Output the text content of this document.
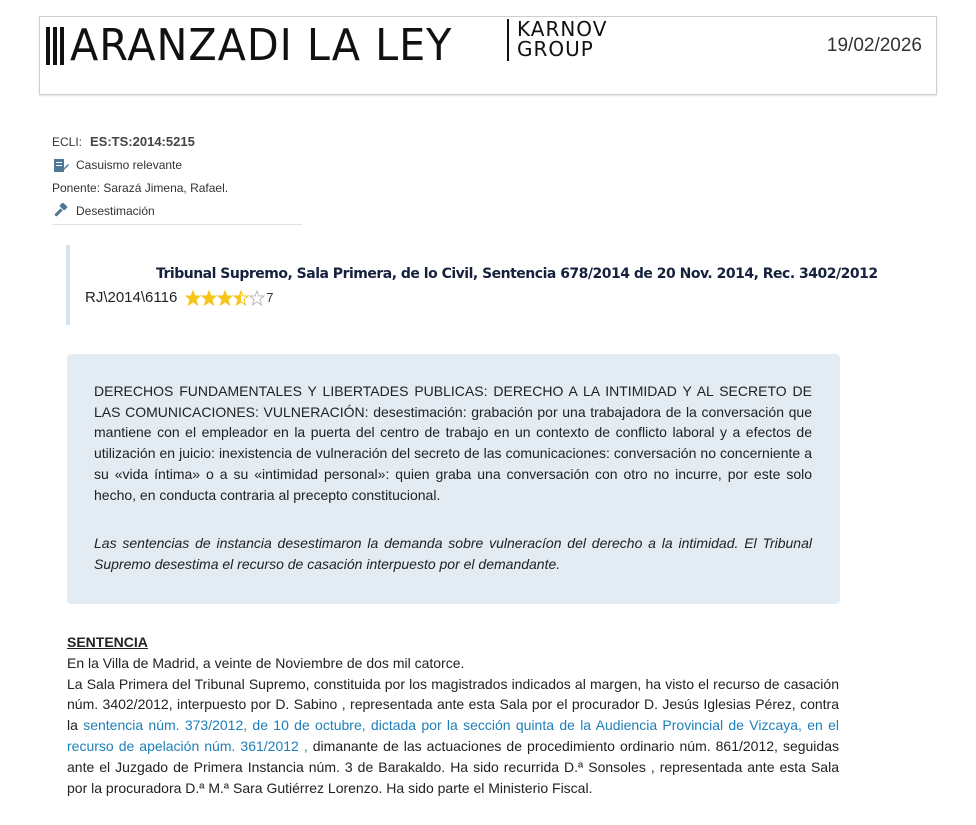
ARANZADI LA LEY	KARNOV
GROUP	19/02/2026
ECLI: ES:TS:2014:5215
Casuismo relevante
Ponente: Sarazá Jimena, Rafael.
Desestimación
Tribunal Supremo, Sala Primera, de lo Civil, Sentencia 678/2014 de 20 Nov. 2014, Rec. 3402/2012
RJ\2014\6116	7

DERECHOS FUNDAMENTALES Y LIBERTADES PUBLICAS: DERECHO A LA INTIMIDAD Y AL SECRETO DE LAS COMUNICACIONES: VULNERACIÓN: desestimación: grabación por una trabajadora de la conversación que mantiene con el empleador en la puerta del centro de trabajo en un contexto de conflicto laboral y a efectos de utilización en juicio: inexistencia de vulneración del secreto de las comunicaciones: conversación no concerniente a su «vida íntima» o a su «intimidad personal»: quien graba una conversación con otro no incurre, por este solo hecho, en conducta contraria al precepto constitucional.

Las sentencias de instancia desestimaron la demanda sobre vulneracíon del derecho a la intimidad. El Tribunal Supremo desestima el recurso de casación interpuesto por el demandante.

SENTENCIA

En la Villa de Madrid, a veinte de Noviembre de dos mil catorce.

La Sala Primera del Tribunal Supremo, constituida por los magistrados indicados al margen, ha visto el recurso de casación núm. 3402/2012, interpuesto por D. Sabino , representada ante esta Sala por el procurador D. Jesús Iglesias Pérez, contra la sentencia núm. 373/2012, de 10 de octubre, dictada por la sección quinta de la Audiencia Provincial de Vizcaya, en el recurso de apelación núm. 361/2012 , dimanante de las actuaciones de procedimiento ordinario núm. 861/2012, seguidas ante el Juzgado de Primera Instancia núm. 3 de Barakaldo. Ha sido recurrida D.ª Sonsoles , representada ante esta Sala por la procuradora D.ª M.ª Sara Gutiérrez Lorenzo. Ha sido parte el Ministerio Fiscal.
